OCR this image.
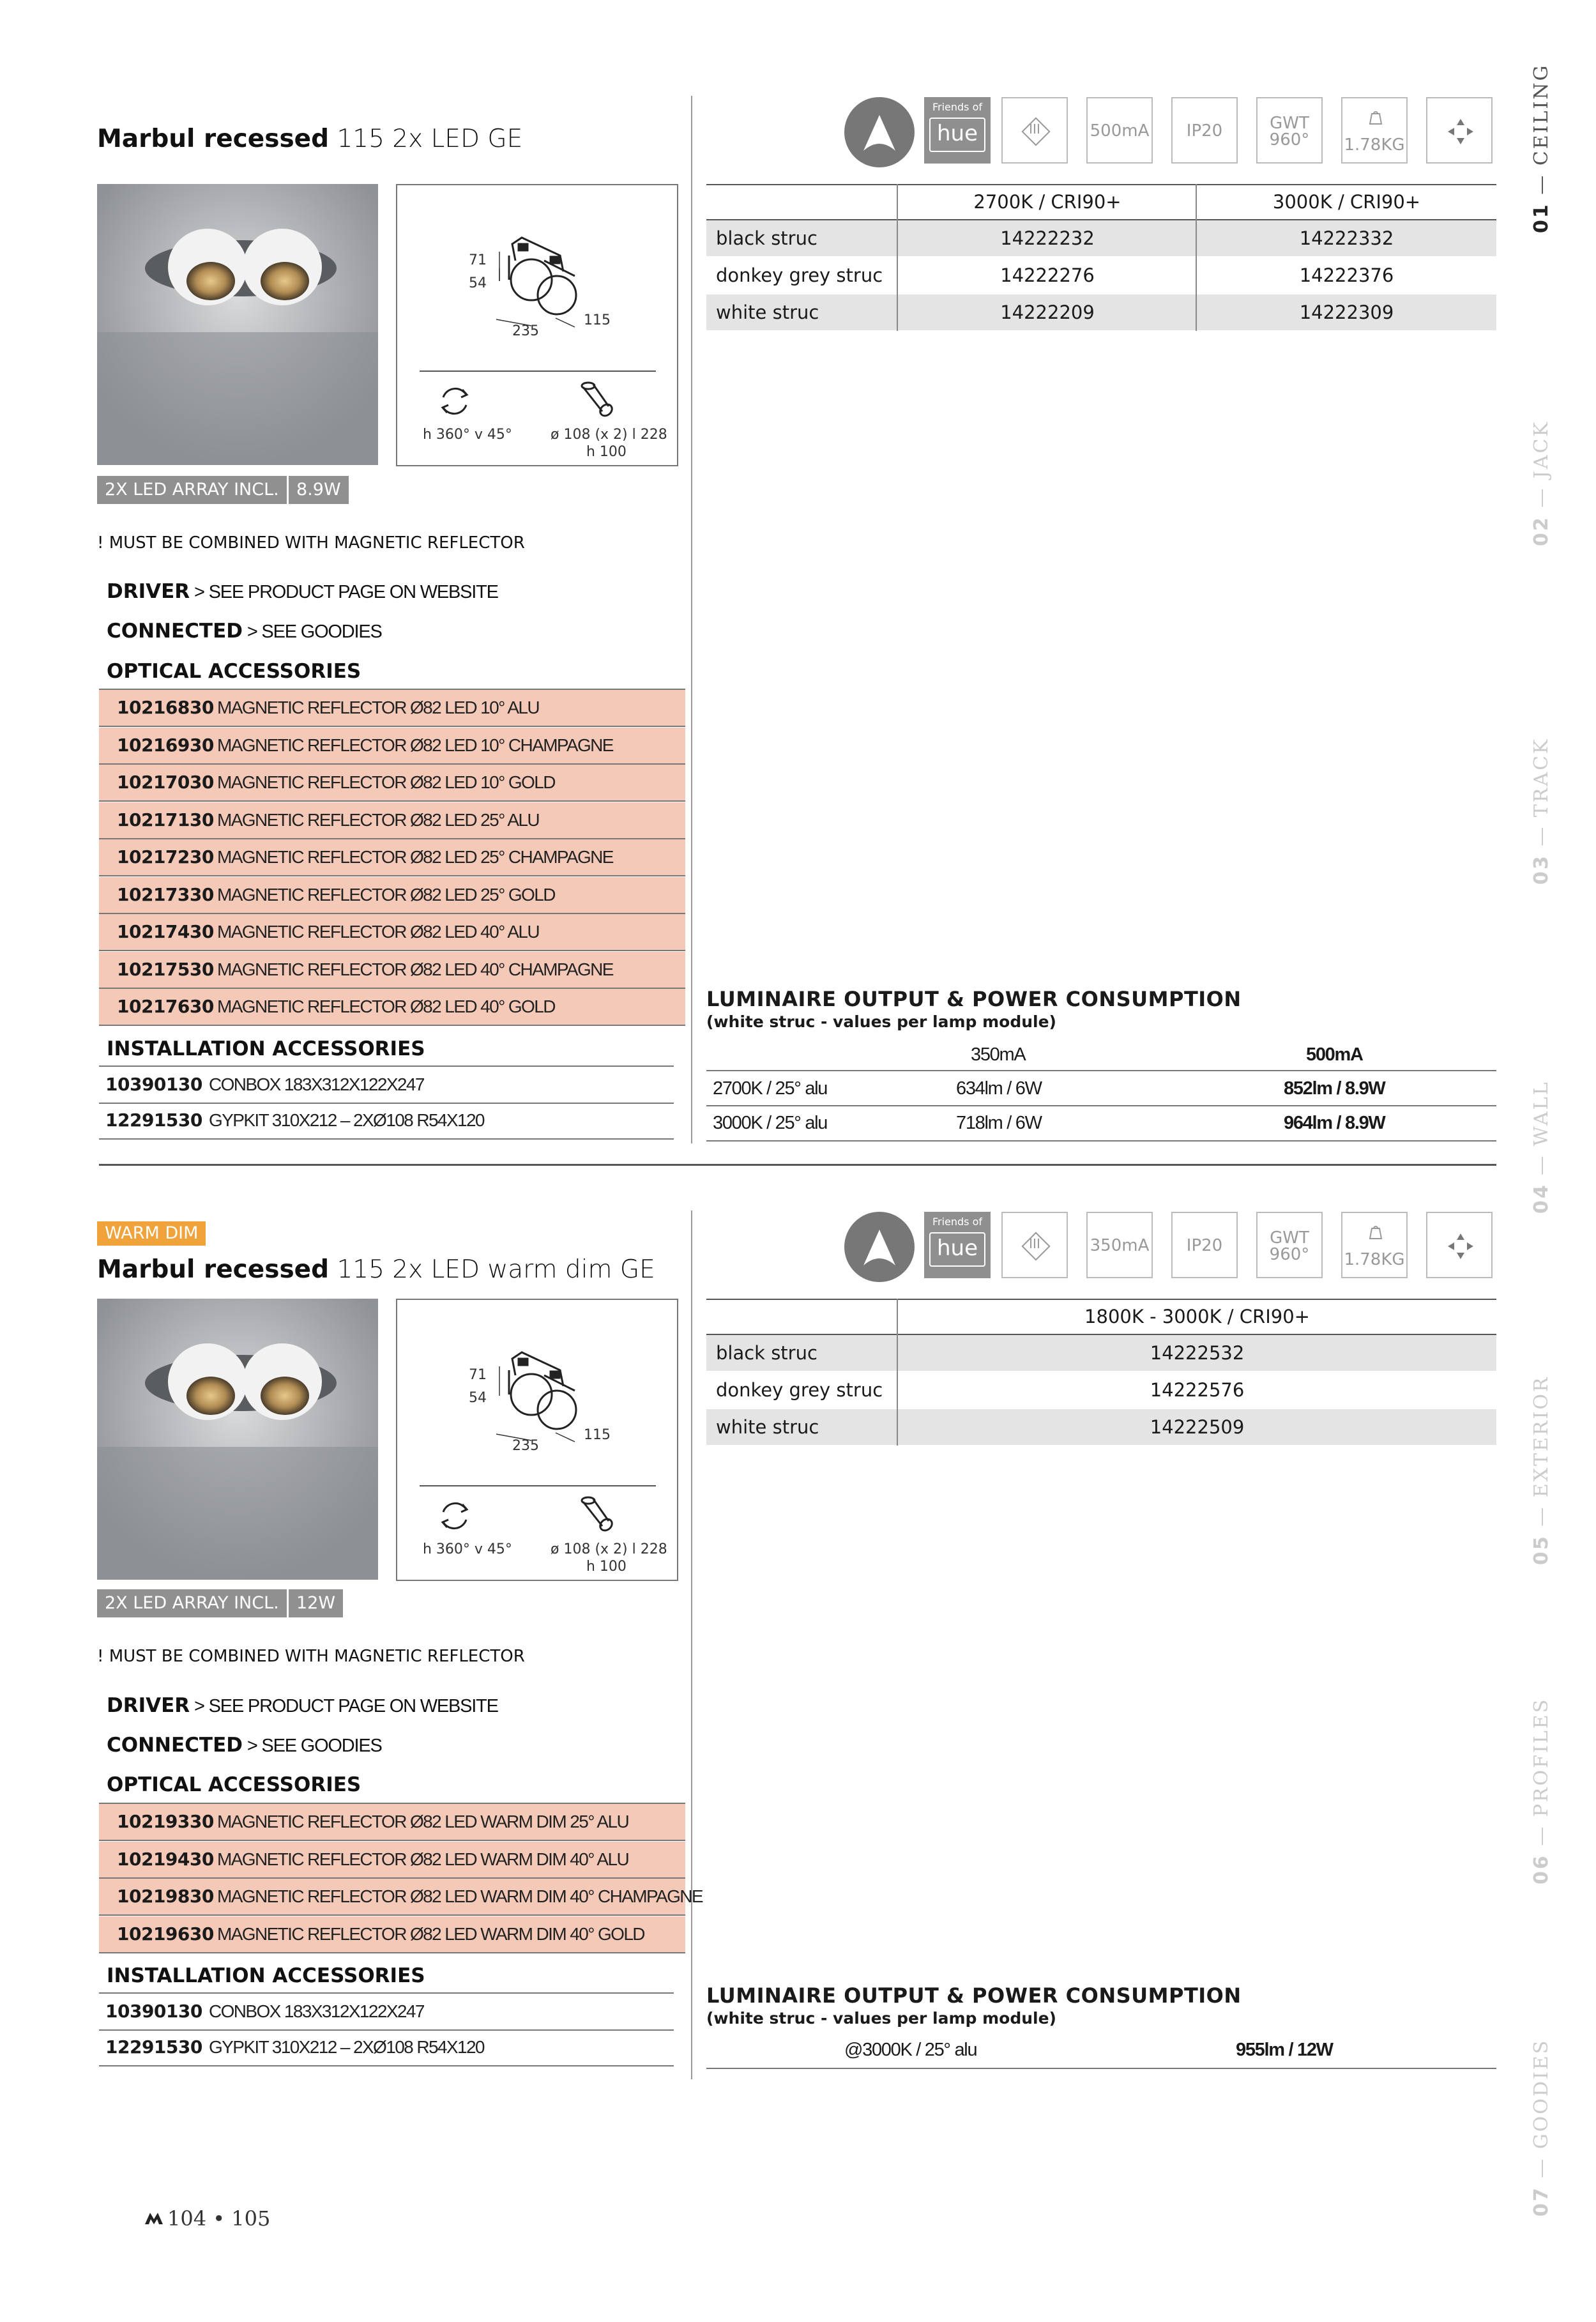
01 — CEILING
02 — JACK
03 — TRACK
04 — WALL
05 — EXTERIOR
06 — PROFILES
07 — GOODIES
Marbul recessed 115 2x LED GE
71
54
235
115
h 360° v 45°	ø 108 (x 2) l 228
h 100
2X LED ARRAY INCL.	8.9W
! MUST BE COMBINED WITH MAGNETIC REFLECTOR
DRIVER > SEE PRODUCT PAGE ON WEBSITE
CONNECTED > SEE GOODIES
OPTICAL ACCESSORIES
10216830 MAGNETIC REFLECTOR Ø82 LED 10° ALU
10216930 MAGNETIC REFLECTOR Ø82 LED 10° CHAMPAGNE
10217030 MAGNETIC REFLECTOR Ø82 LED 10° GOLD
10217130 MAGNETIC REFLECTOR Ø82 LED 25° ALU
10217230 MAGNETIC REFLECTOR Ø82 LED 25° CHAMPAGNE
10217330 MAGNETIC REFLECTOR Ø82 LED 25° GOLD
10217430 MAGNETIC REFLECTOR Ø82 LED 40° ALU
10217530 MAGNETIC REFLECTOR Ø82 LED 40° CHAMPAGNE
10217630 MAGNETIC REFLECTOR Ø82 LED 40° GOLD
INSTALLATION ACCESSORIES
10390130 CONBOX 183X312X122X247
12291530 GYPKIT 310X212 – 2XØ108 R54X120
Friends of
hue	III	500mA	IP20	GWT
960°	1.78KG
2700K / CRI90+	3000K / CRI90+
black struc	14222232	14222332
donkey grey struc	14222276	14222376
white struc	14222209	14222309
LUMINAIRE OUTPUT & POWER CONSUMPTION
(white struc - values per lamp module)
350mA	500mA
2700K / 25° alu	634lm / 6W	852lm / 8.9W
3000K / 25° alu	718lm / 6W	964lm / 8.9W
WARM DIM
Marbul recessed 115 2x LED warm dim GE
71
54
235
115
h 360° v 45°	ø 108 (x 2) l 228
h 100
2X LED ARRAY INCL.	12W
! MUST BE COMBINED WITH MAGNETIC REFLECTOR
DRIVER > SEE PRODUCT PAGE ON WEBSITE
CONNECTED > SEE GOODIES
OPTICAL ACCESSORIES
10219330 MAGNETIC REFLECTOR Ø82 LED WARM DIM 25° ALU
10219430 MAGNETIC REFLECTOR Ø82 LED WARM DIM 40° ALU
10219830 MAGNETIC REFLECTOR Ø82 LED WARM DIM 40° CHAMPAGNE
10219630 MAGNETIC REFLECTOR Ø82 LED WARM DIM 40° GOLD
INSTALLATION ACCESSORIES
10390130 CONBOX 183X312X122X247
12291530 GYPKIT 310X212 – 2XØ108 R54X120
Friends of
hue	III	350mA	IP20	GWT
960°	1.78KG
1800K - 3000K / CRI90+
black struc	14222532
donkey grey struc	14222576
white struc	14222509
LUMINAIRE OUTPUT & POWER CONSUMPTION
(white struc - values per lamp module)
@3000K / 25° alu	955lm / 12W
104 • 105
